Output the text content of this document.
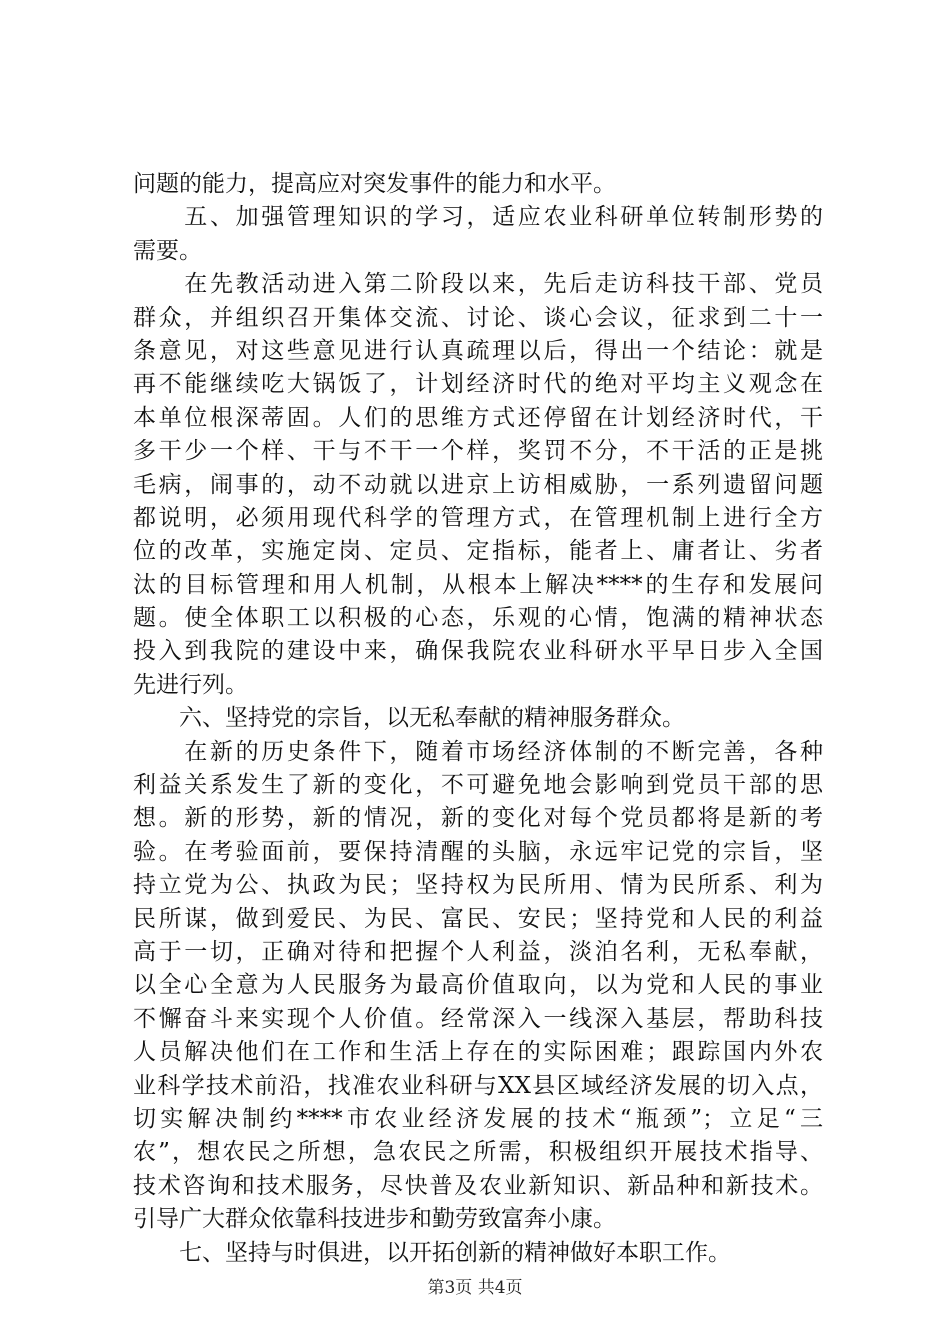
问题的能力，提高应对突发事件的能力和水平。
　　五、加强管理知识的学习，适应农业科研单位转制形势的
需要。
　　在先教活动进入第二阶段以来，先后走访科技干部、党员
群众，并组织召开集体交流、讨论、谈心会议，征求到二十一
条意见，对这些意见进行认真疏理以后，得出一个结论：就是
再不能继续吃大锅饭了，计划经济时代的绝对平均主义观念在
本单位根深蒂固。人们的思维方式还停留在计划经济时代，干
多干少一个样、干与不干一个样，奖罚不分，不干活的正是挑
毛病，闹事的，动不动就以进京上访相威胁，一系列遗留问题
都说明，必须用现代科学的管理方式，在管理机制上进行全方
位的改革，实施定岗、定员、定指标，能者上、庸者让、劣者
汰的目标管理和用人机制，从根本上解决****的生存和发展问
题。使全体职工以积极的心态，乐观的心情，饱满的精神状态
投入到我院的建设中来，确保我院农业科研水平早日步入全国
先进行列。
　　六、坚持党的宗旨，以无私奉献的精神服务群众。
　　在新的历史条件下，随着市场经济体制的不断完善，各种
利益关系发生了新的变化，不可避免地会影响到党员干部的思
想。新的形势，新的情况，新的变化对每个党员都将是新的考
验。在考验面前，要保持清醒的头脑，永远牢记党的宗旨，坚
持立党为公、执政为民；坚持权为民所用、情为民所系、利为
民所谋，做到爱民、为民、富民、安民；坚持党和人民的利益
高于一切，正确对待和把握个人利益，淡泊名利，无私奉献，
以全心全意为人民服务为最高价值取向，以为党和人民的事业
不懈奋斗来实现个人价值。经常深入一线深入基层，帮助科技
人员解决他们在工作和生活上存在的实际困难；跟踪国内外农
业科学技术前沿，找准农业科研与XX县区域经济发展的切入点，
切实解决制约****市农业经济发展的技术“瓶颈”；立足“三
农”，想农民之所想，急农民之所需，积极组织开展技术指导、
技术咨询和技术服务，尽快普及农业新知识、新品种和新技术。
引导广大群众依靠科技进步和勤劳致富奔小康。
　　七、坚持与时俱进，以开拓创新的精神做好本职工作。
第3页 共4页
